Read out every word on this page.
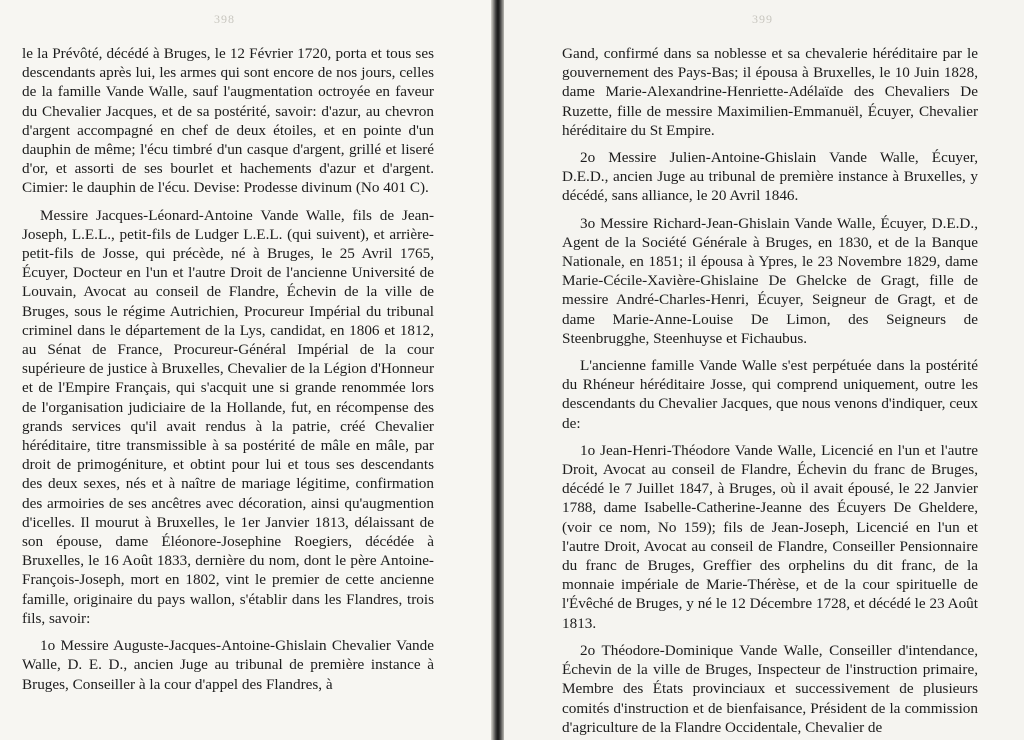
398

le la Prévôté, décédé à Bruges, le 12 Février 1720, porta et tous ses descendants après lui, les armes qui sont encore de nos jours, celles de la famille Vande Walle, sauf l'augmentation octroyée en faveur du Chevalier Jacques, et de sa postérité, savoir: d'azur, au chevron d'argent accompagné en chef de deux étoiles, et en pointe d'un dauphin de même; l'écu timbré d'un casque d'argent, grillé et liseré d'or, et assorti de ses bourlet et hachements d'azur et d'argent. Cimier: le dauphin de l'écu. Devise: Prodesse divinum (No 401 C).

Messire Jacques-Léonard-Antoine Vande Walle, fils de Jean-Joseph, L.E.L., petit-fils de Ludger L.E.L. (qui suivent), et arrière-petit-fils de Josse, qui précède, né à Bruges, le 25 Avril 1765, Écuyer, Docteur en l'un et l'autre Droit de l'ancienne Université de Louvain, Avocat au conseil de Flandre, Échevin de la ville de Bruges, sous le régime Autrichien, Procureur Impérial du tribunal criminel dans le département de la Lys, candidat, en 1806 et 1812, au Sénat de France, Procureur-Général Impérial de la cour supérieure de justice à Bruxelles, Chevalier de la Légion d'Honneur et de l'Empire Français, qui s'acquit une si grande renommée lors de l'organisation judiciaire de la Hollande, fut, en récompense des grands services qu'il avait rendus à la patrie, créé Chevalier héréditaire, titre transmissible à sa postérité de mâle en mâle, par droit de primogéniture, et obtint pour lui et tous ses descendants des deux sexes, nés et à naître de mariage légitime, confirmation des armoiries de ses ancêtres avec décoration, ainsi qu'augmention d'icelles. Il mourut à Bruxelles, le 1er Janvier 1813, délaissant de son épouse, dame Éléonore-Josephine Roegiers, décédée à Bruxelles, le 16 Août 1833, dernière du nom, dont le père Antoine-François-Joseph, mort en 1802, vint le premier de cette ancienne famille, originaire du pays wallon, s'établir dans les Flandres, trois fils, savoir:

1o Messire Auguste-Jacques-Antoine-Ghislain Chevalier Vande Walle, D. E. D., ancien Juge au tribunal de première instance à Bruges, Conseiller à la cour d'appel des Flandres, à

399

Gand, confirmé dans sa noblesse et sa chevalerie héréditaire par le gouvernement des Pays-Bas; il épousa à Bruxelles, le 10 Juin 1828, dame Marie-Alexandrine-Henriette-Adélaïde des Chevaliers De Ruzette, fille de messire Maximilien-Emmanuël, Écuyer, Chevalier héréditaire du St Empire.

2o Messire Julien-Antoine-Ghislain Vande Walle, Écuyer, D.E.D., ancien Juge au tribunal de première instance à Bruxelles, y décédé, sans alliance, le 20 Avril 1846.

3o Messire Richard-Jean-Ghislain Vande Walle, Écuyer, D.E.D., Agent de la Société Générale à Bruges, en 1830, et de la Banque Nationale, en 1851; il épousa à Ypres, le 23 Novembre 1829, dame Marie-Cécile-Xavière-Ghislaine De Ghelcke de Gragt, fille de messire André-Charles-Henri, Écuyer, Seigneur de Gragt, et de dame Marie-Anne-Louise De Limon, des Seigneurs de Steenbrugghe, Steenhuyse et Fichaubus.

L'ancienne famille Vande Walle s'est perpétuée dans la postérité du Rhéneur héréditaire Josse, qui comprend uniquement, outre les descendants du Chevalier Jacques, que nous venons d'indiquer, ceux de:

1o Jean-Henri-Théodore Vande Walle, Licencié en l'un et l'autre Droit, Avocat au conseil de Flandre, Échevin du franc de Bruges, décédé le 7 Juillet 1847, à Bruges, où il avait épousé, le 22 Janvier 1788, dame Isabelle-Catherine-Jeanne des Écuyers De Gheldere, (voir ce nom, No 159); fils de Jean-Joseph, Licencié en l'un et l'autre Droit, Avocat au conseil de Flandre, Conseiller Pensionnaire du franc de Bruges, Greffier des orphelins du dit franc, de la monnaie impériale de Marie-Thérèse, et de la cour spirituelle de l'Évêché de Bruges, y né le 12 Décembre 1728, et décédé le 23 Août 1813.

2o Théodore-Dominique Vande Walle, Conseiller d'intendance, Échevin de la ville de Bruges, Inspecteur de l'instruction primaire, Membre des États provinciaux et successivement de plusieurs comités d'instruction et de bienfaisance, Président de la commission d'agriculture de la Flandre Occidentale, Chevalier de
